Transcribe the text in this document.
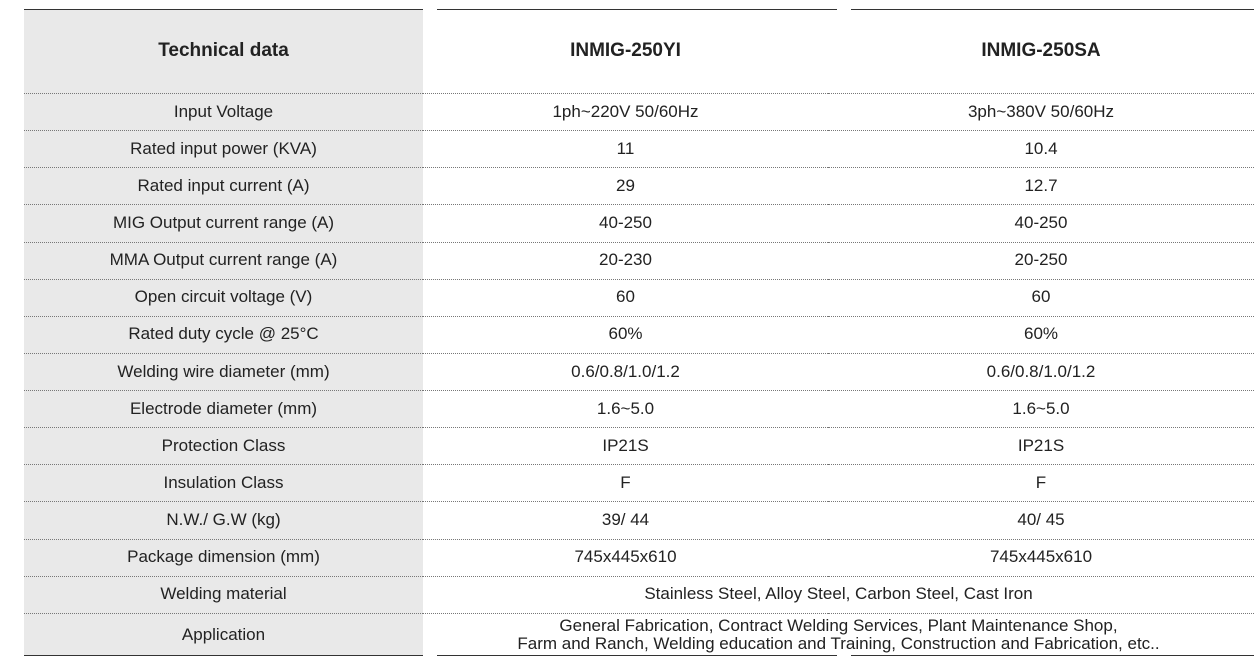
Technical data	INMIG-250YI	INMIG-250SA
Input Voltage	1ph~220V 50/60Hz	3ph~380V 50/60Hz
Rated input power (KVA)	11	10.4
Rated input current (A)	29	12.7
MIG Output current range (A)	40-250	40-250
MMA Output current range (A)	20-230	20-250
Open circuit voltage (V)	60	60
Rated duty cycle @ 25°C	60%	60%
Welding wire diameter (mm)	0.6/0.8/1.0/1.2	0.6/0.8/1.0/1.2
Electrode diameter (mm)	1.6~5.0	1.6~5.0
Protection Class	IP21S	IP21S
Insulation Class	F	F
N.W./ G.W (kg)	39/ 44	40/ 45
Package dimension (mm)	745x445x610	745x445x610
Welding material	Stainless Steel, Alloy Steel, Carbon Steel, Cast Iron	
Application	General Fabrication, Contract Welding Services, Plant Maintenance Shop,
Farm and Ranch, Welding education and Training, Construction and Fabrication, etc..	
